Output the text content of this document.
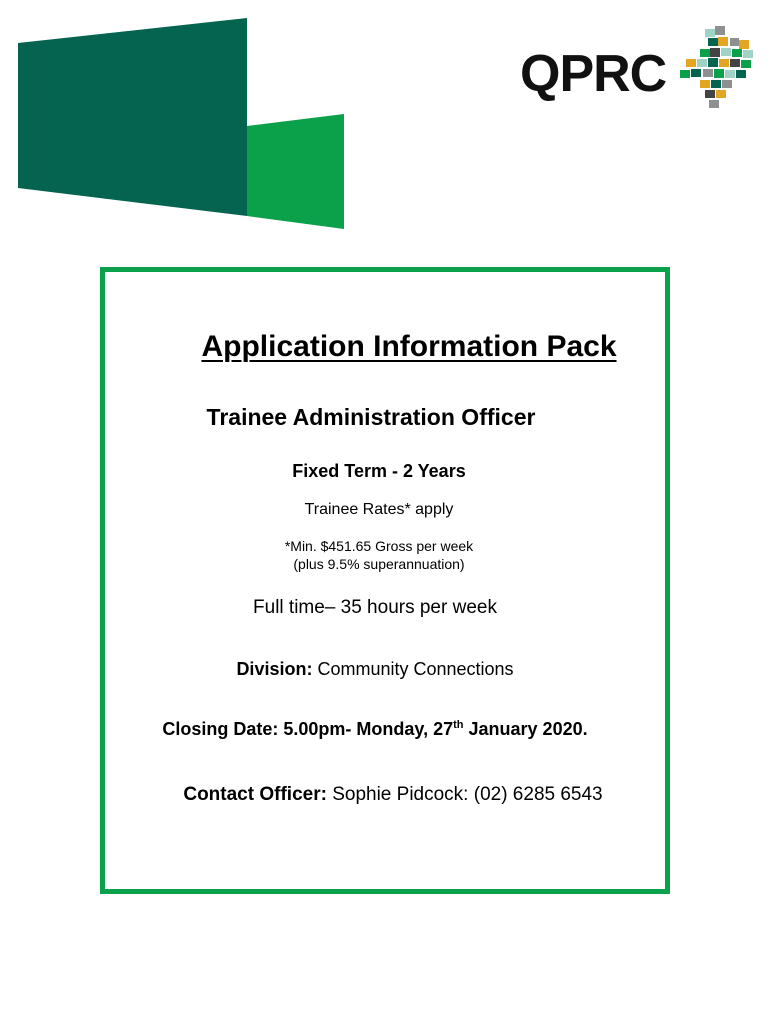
QPRC
Application Information Pack
Trainee Administration Officer
Fixed Term - 2 Years
Trainee Rates* apply
*Min. $451.65 Gross per week
(plus 9.5% superannuation)
Full time– 35 hours per week
Division: Community Connections
Closing Date: 5.00pm- Monday, 27th January 2020.
Contact Officer: Sophie Pidcock: (02) 6285 6543
